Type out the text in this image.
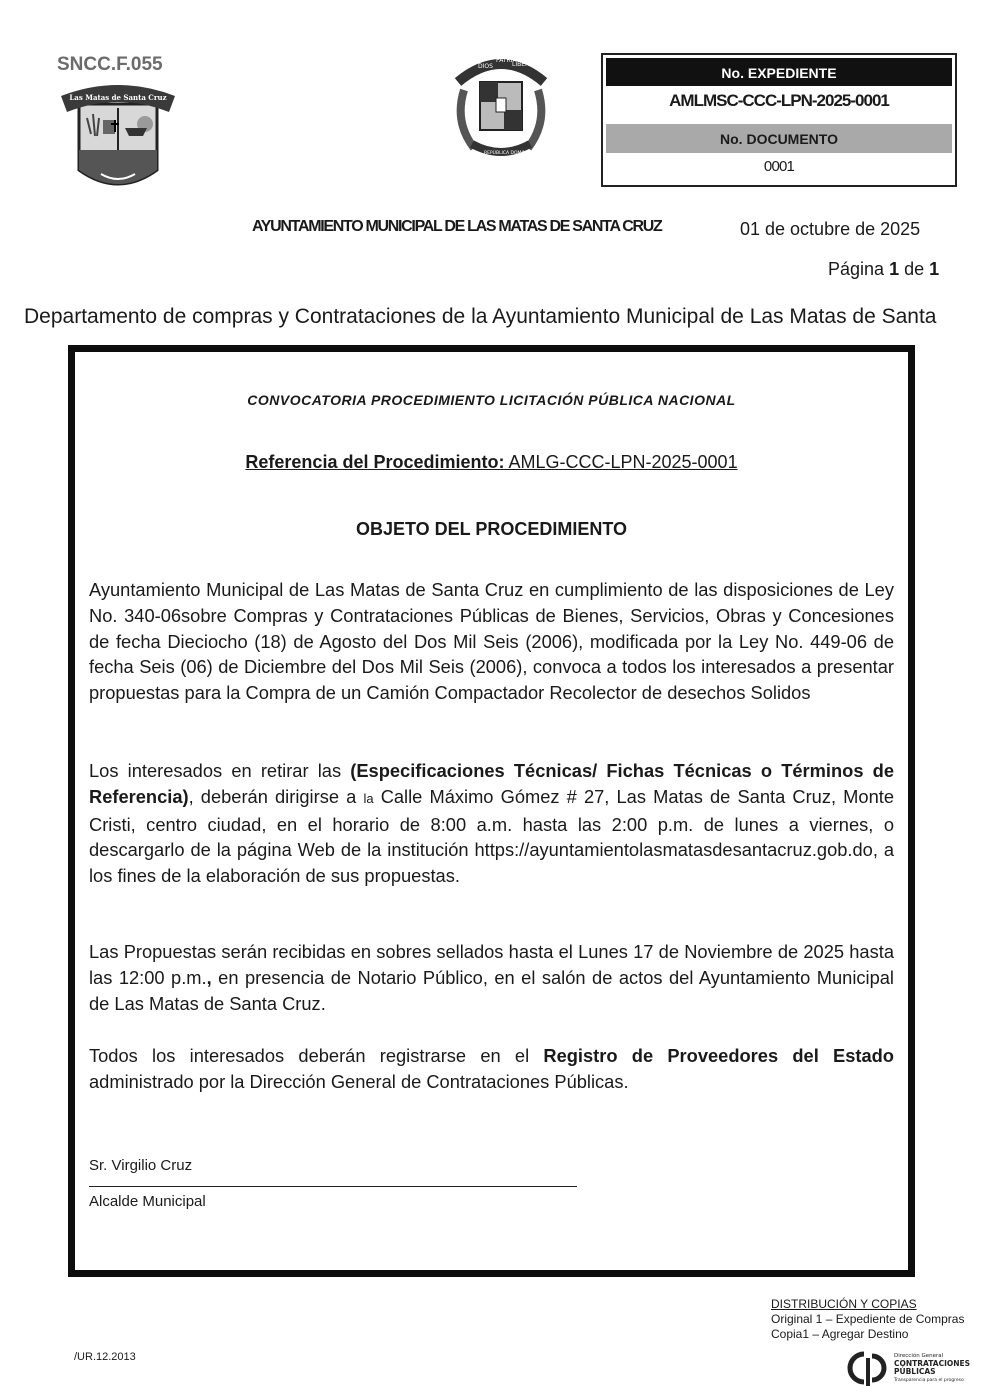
SNCC.F.055
Las Matas de Santa Cruz
DIOS
PATRIA
LIBERTAD
REPÚBLICA DOMINICANA
No. EXPEDIENTE
AMLMSC-CCC-LPN-2025-0001
No. DOCUMENTO
0001
AYUNTAMIENTO MUNICIPAL DE LAS MATAS DE SANTA CRUZ	01 de octubre de 2025
Página 1 de 1
Departamento de compras y Contrataciones de la Ayuntamiento Municipal de Las Matas de Santa
CONVOCATORIA PROCEDIMIENTO LICITACIÓN PÚBLICA NACIONAL
Referencia del Procedimiento: AMLG-CCC-LPN-2025-0001
OBJETO DEL PROCEDIMIENTO
Ayuntamiento Municipal de Las Matas de Santa Cruz en cumplimiento de las disposiciones de Ley No. 340-06sobre Compras y Contrataciones Públicas de Bienes, Servicios, Obras y Concesiones de fecha Dieciocho (18) de Agosto del Dos Mil Seis (2006), modificada por la Ley No. 449-06 de fecha Seis (06) de Diciembre del Dos Mil Seis (2006), convoca a todos los interesados a presentar propuestas para la Compra de un Camión Compactador Recolector de desechos Solidos
Los interesados en retirar las (Especificaciones Técnicas/ Fichas Técnicas o Términos de Referencia), deberán dirigirse a la Calle Máximo Gómez # 27, Las Matas de Santa Cruz, Monte Cristi, centro ciudad, en el horario de 8:00 a.m. hasta las 2:00 p.m. de lunes a viernes, o descargarlo de la página Web de la institución https://ayuntamientolasmatasdesantacruz.gob.do, a los fines de la elaboración de sus propuestas.
Las Propuestas serán recibidas en sobres sellados hasta el Lunes 17 de Noviembre de 2025 hasta las 12:00 p.m., en presencia de Notario Público, en el salón de actos del Ayuntamiento Municipal de Las Matas de Santa Cruz.
Todos los interesados deberán registrarse en el Registro de Proveedores del Estado administrado por la Dirección General de Contrataciones Públicas.
Sr. Virgilio Cruz
Alcalde Municipal
DISTRIBUCIÓN Y COPIAS
Original 1 – Expediente de Compras
Copia1 – Agregar Destino
/UR.12.2013	Dirección General
CONTRATACIONES
PÚBLICAS
Transparencia para el progreso
